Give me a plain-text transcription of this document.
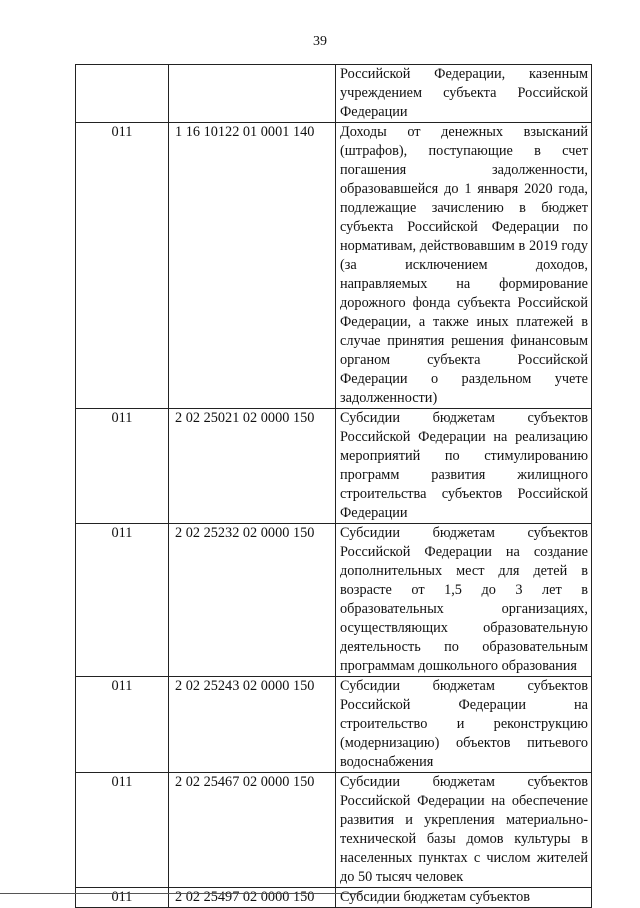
39
		Российской Федерации, казенным учреждением субъекта Российской Федерации
011	1 16 10122 01 0001 140	Доходы от денежных взысканий (штрафов), поступающие в счет погашения задолженности, образовавшейся до 1 января 2020 года, подлежащие зачислению в бюджет субъекта Российской Федерации по нормативам, действовавшим в 2019 году (за исключением доходов, направляемых на формирование дорожного фонда субъекта Российской Федерации, а также иных платежей в случае принятия решения финансовым органом субъекта Российской Федерации о раздельном учете задолженности)
011	2 02 25021 02 0000 150	Субсидии бюджетам субъектов Российской Федерации на реализацию мероприятий по стимулированию программ развития жилищного строительства субъектов Российской Федерации
011	2 02 25232 02 0000 150	Субсидии бюджетам субъектов Российской Федерации на создание дополнительных мест для детей в возрасте от 1,5 до 3 лет в образовательных организациях, осуществляющих образовательную деятельность по образовательным программам дошкольного образования
011	2 02 25243 02 0000 150	Субсидии бюджетам субъектов Российской Федерации на строительство и реконструкцию (модернизацию) объектов питьевого водоснабжения
011	2 02 25467 02 0000 150	Субсидии бюджетам субъектов Российской Федерации на обеспечение развития и укрепления материально-технической базы домов культуры в населенных пунктах с числом жителей до 50 тысяч человек
011	2 02 25497 02 0000 150	Субсидии бюджетам субъектов
